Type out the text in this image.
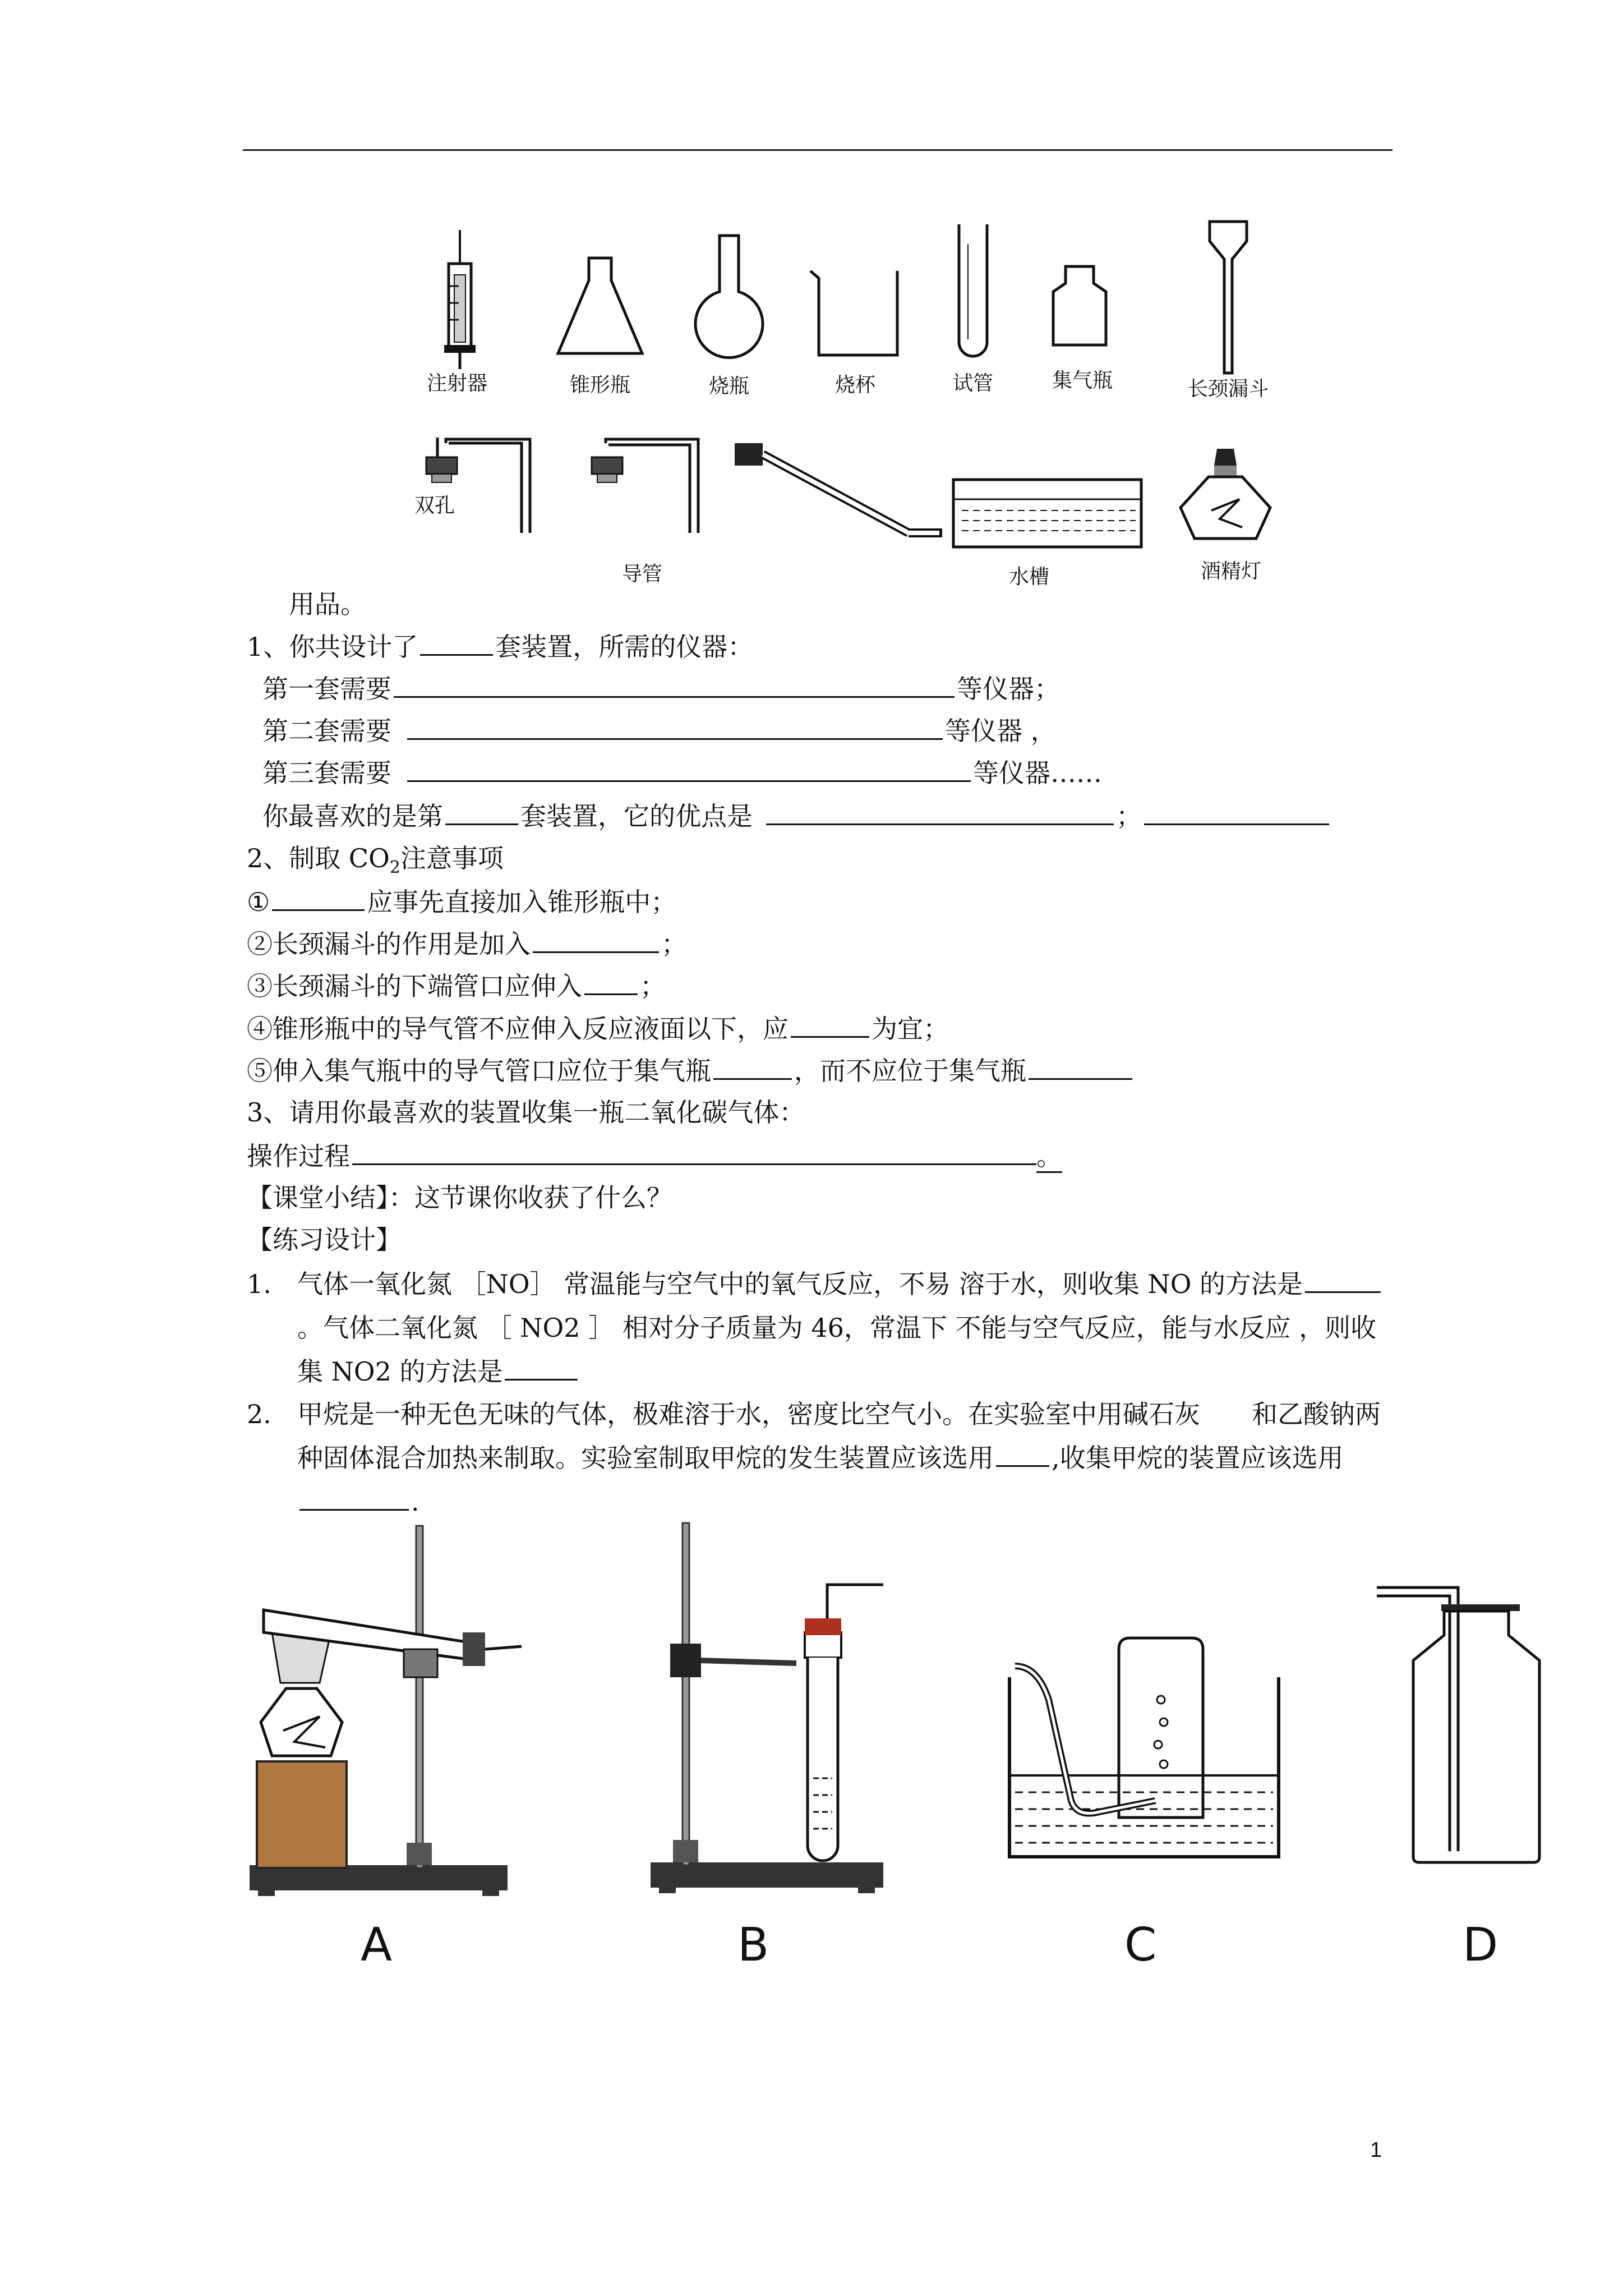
注射器	锥形瓶	烧瓶	烧杯	试管	集气瓶	长颈漏斗
双孔
导管	水槽	酒精灯
用品。
1、你共设计了	套装置，所需的仪器：
第一套需要	等仪器；
第二套需要	等仪器 ，
第三套需要	等仪器……
你最喜欢的是第	套装置，它的优点是	；
2、制取 $CO_2$注意事项
①	应事先直接加入锥形瓶中；
②长颈漏斗的作用是加入	；
③长颈漏斗的下端管口应伸入 ；
④锥形瓶中的导气管不应伸入反应液面以下，应	为宜；
⑤伸入集气瓶中的导气管口应位于集气瓶	，而不应位于集气瓶
3、请用你最喜欢的装置收集一瓶二氧化碳气体：
操作过程	。
【课堂小结】：这节课你收获了什么？
【练习设计】
1. 气体一氧化氮 ［NO］ 常温能与空气中的氧气反应，不易 溶于水，则收集 NO 的方法是。气体二氧化氮 ［ NO2 ］ 相对分子质量为 46，常温下 不能与空气反应，能与水反应 ，则收集 NO2 的方法是
2. 甲烷是一种无色无味的气体，极难溶于水，密度比空气小。在实验室中用碱石灰　　和乙酸钠两种固体混合加热来制取。实验室制取甲烷的发生装置应该选用 ,收集甲烷的装置应该选用.
A	B	C	D
1
